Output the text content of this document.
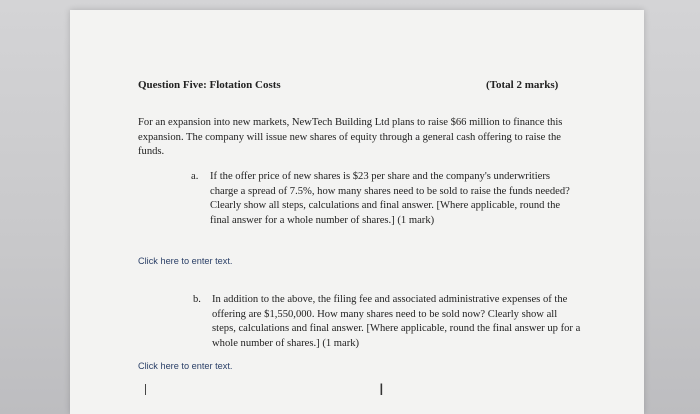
Question Five: Flotation Costs	(Total 2 marks)
For an expansion into new markets, NewTech Building Ltd plans to raise $66 million to finance this expansion. The company will issue new shares of equity through a general cash offering to raise the funds.
a. If the offer price of new shares is $23 per share and the company's underwritiers charge a spread of 7.5%, how many shares need to be sold to raise the funds needed? Clearly show all steps, calculations and final answer. [Where applicable, round the final answer for a whole number of shares.] (1 mark)
Click here to enter text.
b. In addition to the above, the filing fee and associated administrative expenses of the offering are $1,550,000. How many shares need to be sold now? Clearly show all steps, calculations and final answer. [Where applicable, round the final answer up for a whole number of shares.] (1 mark)
Click here to enter text.
I
